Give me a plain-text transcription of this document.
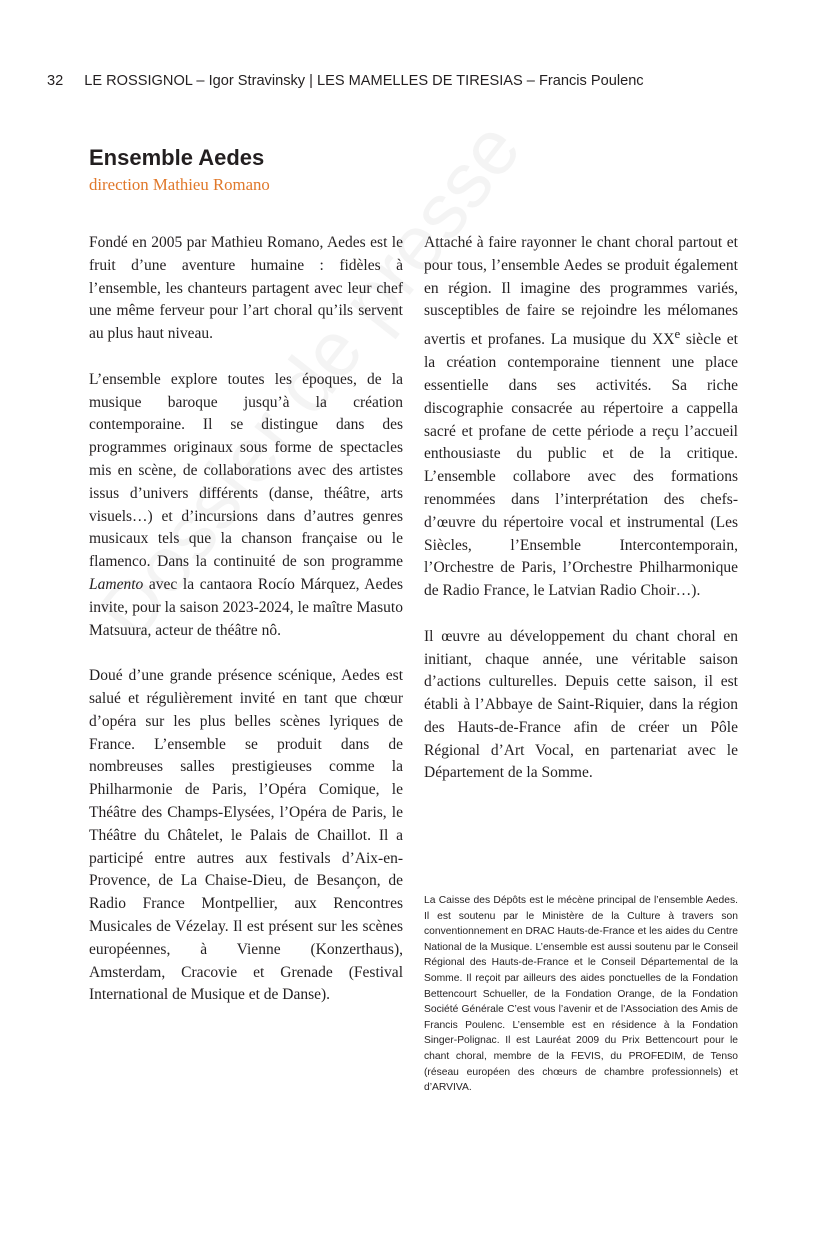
32 LE ROSSIGNOL – Igor Stravinsky | LES MAMELLES DE TIRESIAS – Francis Poulenc
Ensemble Aedes
direction Mathieu Romano

Fondé en 2005 par Mathieu Romano, Aedes est le fruit d’une aventure humaine : fidèles à l’ensemble, les chanteurs partagent avec leur chef une même ferveur pour l’art choral qu’ils servent au plus haut niveau.

L’ensemble explore toutes les époques, de la musique baroque jusqu’à la création contemporaine. Il se distingue dans des programmes originaux sous forme de spectacles mis en scène, de collaborations avec des artistes issus d’univers différents (danse, théâtre, arts visuels…) et d’incursions dans d’autres genres musicaux tels que la chanson française ou le flamenco. Dans la continuité de son programme Lamento avec la cantaora Rocío Márquez, Aedes invite, pour la saison 2023-2024, le maître Masuto Matsuura, acteur de théâtre nô.

Doué d’une grande présence scénique, Aedes est salué et régulièrement invité en tant que chœur d’opéra sur les plus belles scènes lyriques de France. L’ensemble se produit dans de nombreuses salles prestigieuses comme la Philharmonie de Paris, l’Opéra Comique, le Théâtre des Champs-Elysées, l’Opéra de Paris, le Théâtre du Châtelet, le Palais de Chaillot. Il a participé entre autres aux festivals d’Aix-en-Provence, de La Chaise-Dieu, de Besançon, de Radio France Montpellier, aux Rencontres Musicales de Vézelay. Il est présent sur les scènes européennes, à Vienne (Konzerthaus), Amsterdam, Cracovie et Grenade (Festival International de Musique et de Danse).

Attaché à faire rayonner le chant choral partout et pour tous, l’ensemble Aedes se produit également en région. Il imagine des programmes variés, susceptibles de faire se rejoindre les mélomanes avertis et profanes. La musique du XXe siècle et la création contemporaine tiennent une place essentielle dans ses activités. Sa riche discographie consacrée au répertoire a cappella sacré et profane de cette période a reçu l’accueil enthousiaste du public et de la critique. L’ensemble collabore avec des formations renommées dans l’interprétation des chefs-d’œuvre du répertoire vocal et instrumental (Les Siècles, l’Ensemble Intercontemporain, l’Orchestre de Paris, l’Orchestre Philharmonique de Radio France, le Latvian Radio Choir…).

Il œuvre au développement du chant choral en initiant, chaque année, une véritable saison d’actions culturelles. Depuis cette saison, il est établi à l’Abbaye de Saint-Riquier, dans la région des Hauts-de-France afin de créer un Pôle Régional d’Art Vocal, en partenariat avec le Département de la Somme.

La Caisse des Dépôts est le mécène principal de l’ensemble Aedes. Il est soutenu par le Ministère de la Culture à travers son conventionnement en DRAC Hauts-de-France et les aides du Centre National de la Musique. L’ensemble est aussi soutenu par le Conseil Régional des Hauts-de-France et le Conseil Départemental de la Somme. Il reçoit par ailleurs des aides ponctuelles de la Fondation Bettencourt Schueller, de la Fondation Orange, de la Fondation Société Générale C’est vous l’avenir et de l’Association des Amis de Francis Poulenc. L’ensemble est en résidence à la Fondation Singer-Polignac. Il est Lauréat 2009 du Prix Bettencourt pour le chant choral, membre de la FEVIS, du PROFEDIM, de Tenso (réseau européen des chœurs de chambre professionnels) et d’ARVIVA.
